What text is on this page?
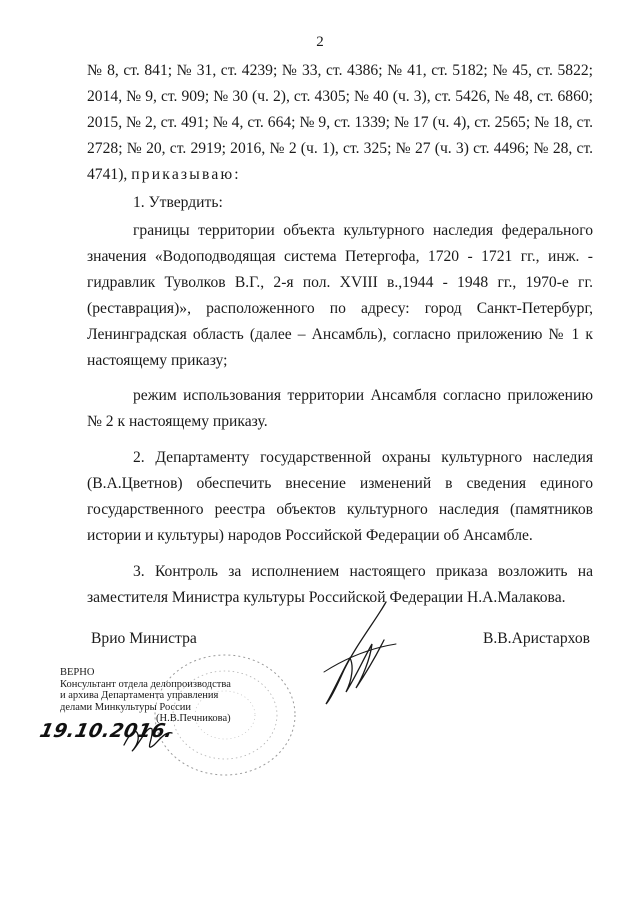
2

№ 8, ст. 841; № 31, ст. 4239; № 33, ст. 4386; № 41, ст. 5182; № 45, ст. 5822; 2014, № 9, ст. 909; № 30 (ч. 2), ст. 4305; № 40 (ч. 3), ст. 5426, № 48, ст. 6860; 2015, № 2, ст. 491; № 4, ст. 664; № 9, ст. 1339; № 17 (ч. 4), ст. 2565; № 18, ст. 2728; № 20, ст. 2919; 2016, № 2 (ч. 1), ст. 325; № 27 (ч. 3) ст. 4496; № 28, ст. 4741), приказываю:

1. Утвердить:

границы территории объекта культурного наследия федерального значения «Водоподводящая система Петергофа, 1720 - 1721 гг., инж. - гидравлик Туволков В.Г., 2-я пол. XVIII в.,1944 - 1948 гг., 1970-е гг. (реставрация)», расположенного по адресу: город Санкт-Петербург, Ленинградская область (далее – Ансамбль), согласно приложению № 1 к настоящему приказу;

режим использования территории Ансамбля согласно приложению № 2 к настоящему приказу.

2. Департаменту государственной охраны культурного наследия (В.А.Цветнов) обеспечить внесение изменений в сведения единого государственного реестра объектов культурного наследия (памятников истории и культуры) народов Российской Федерации об Ансамбле.

3. Контроль за исполнением настоящего приказа возложить на заместителя Министра культуры Российской Федерации Н.А.Малакова.

Врио Министра	В.В.Аристархов
ВЕРНО
Консультант отдела делопроизводства
и архива Департамента управления
делами Минкультуры России
(Н.В.Печникова)
19.10.2016.
